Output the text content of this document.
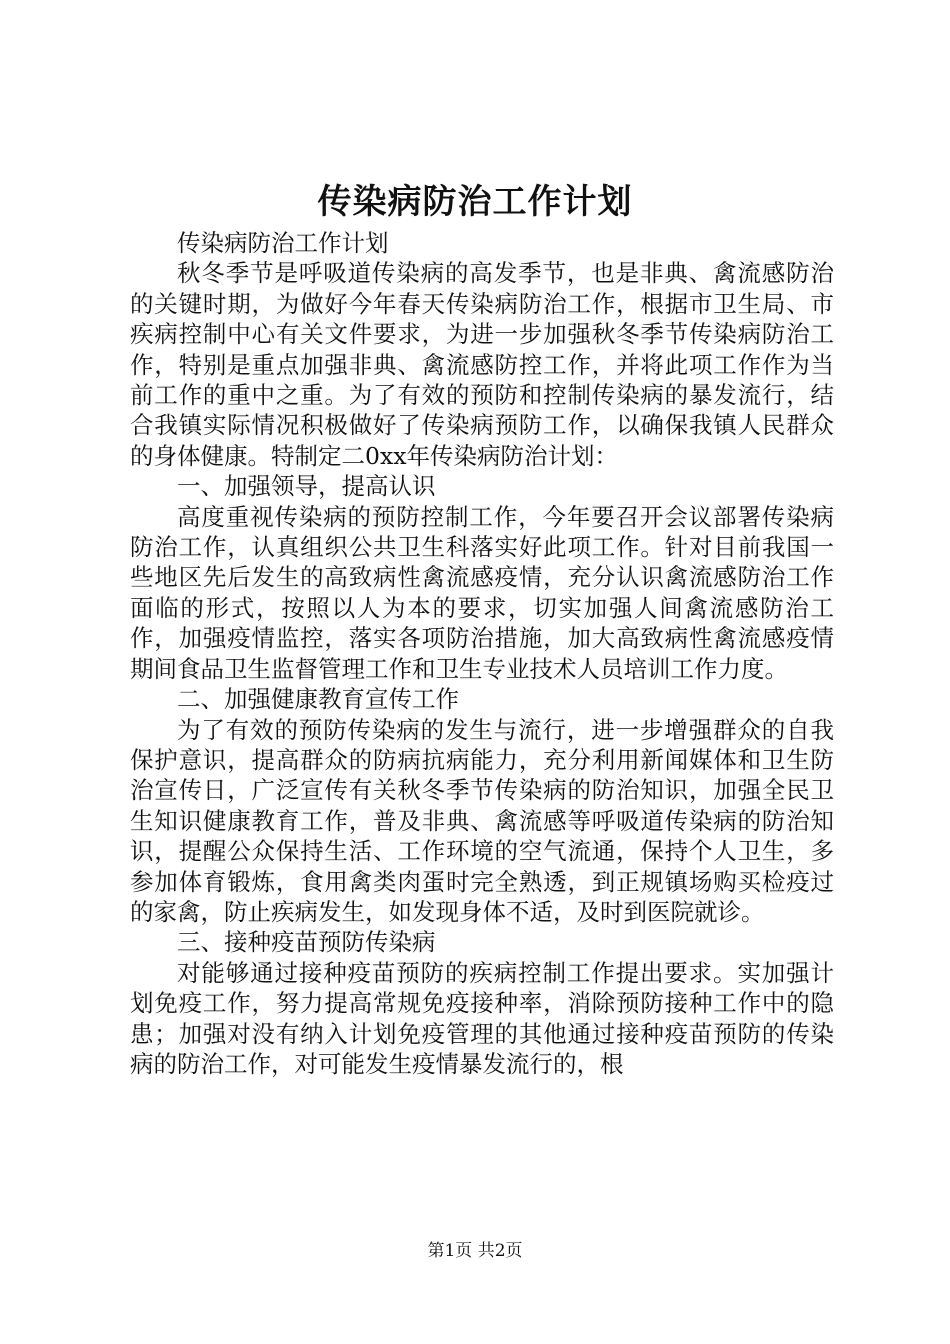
传染病防治工作计划

传染病防治工作计划

秋冬季节是呼吸道传染病的高发季节，也是非典、禽流感防治的关键时期，为做好今年春天传染病防治工作，根据市卫生局、市疾病控制中心有关文件要求，为进一步加强秋冬季节传染病防治工作，特别是重点加强非典、禽流感防控工作，并将此项工作作为当前工作的重中之重。为了有效的预防和控制传染病的暴发流行，结合我镇实际情况积极做好了传染病预防工作，以确保我镇人民群众的身体健康。特制定二0xx年传染病防治计划：

一、加强领导，提高认识

高度重视传染病的预防控制工作，今年要召开会议部署传染病防治工作，认真组织公共卫生科落实好此项工作。针对目前我国一些地区先后发生的高致病性禽流感疫情，充分认识禽流感防治工作面临的形式，按照以人为本的要求，切实加强人间禽流感防治工作，加强疫情监控，落实各项防治措施，加大高致病性禽流感疫情期间食品卫生监督管理工作和卫生专业技术人员培训工作力度。

二、加强健康教育宣传工作

为了有效的预防传染病的发生与流行，进一步增强群众的自我保护意识，提高群众的防病抗病能力，充分利用新闻媒体和卫生防治宣传日，广泛宣传有关秋冬季节传染病的防治知识，加强全民卫生知识健康教育工作，普及非典、禽流感等呼吸道传染病的防治知识，提醒公众保持生活、工作环境的空气流通，保持个人卫生，多参加体育锻炼，食用禽类肉蛋时完全熟透，到正规镇场购买检疫过的家禽，防止疾病发生，如发现身体不适，及时到医院就诊。

三、接种疫苗预防传染病

对能够通过接种疫苗预防的疾病控制工作提出要求。实加强计划免疫工作，努力提高常规免疫接种率，消除预防接种工作中的隐患；加强对没有纳入计划免疫管理的其他通过接种疫苗预防的传染病的防治工作，对可能发生疫情暴发流行的，根

第1页 共2页
